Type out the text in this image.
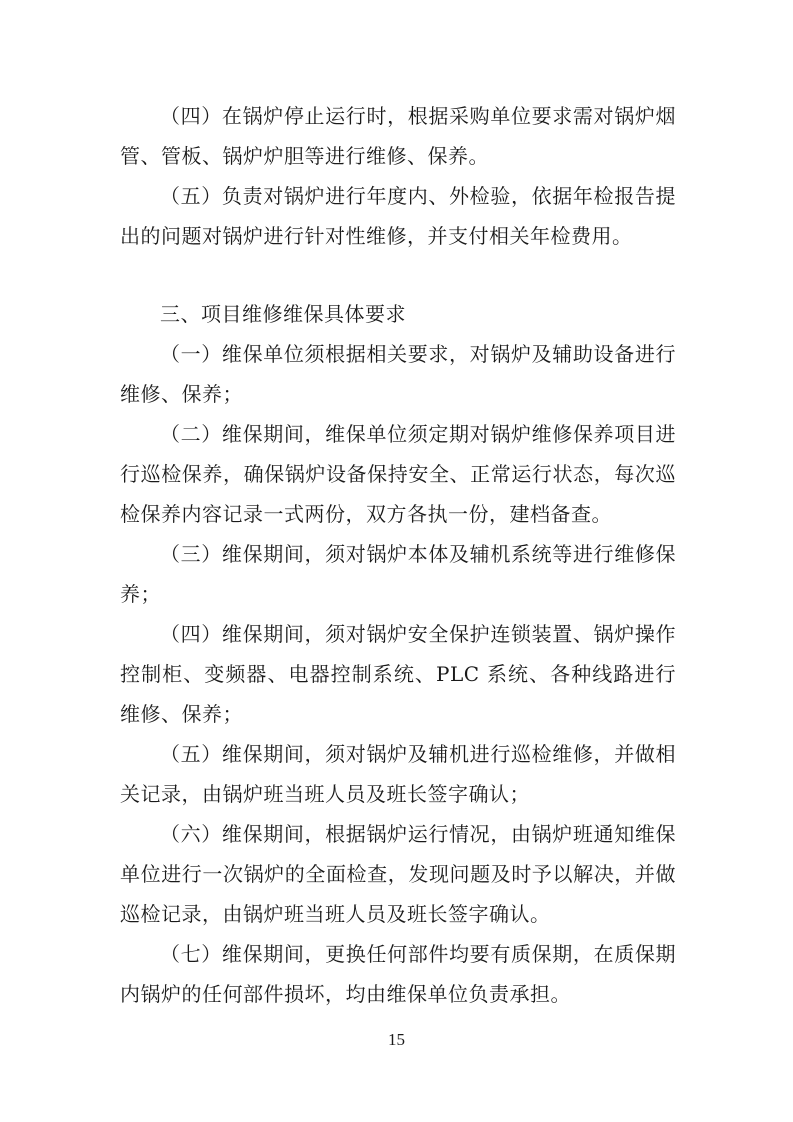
（四）在锅炉停止运行时，根据采购单位要求需对锅炉烟管、管板、锅炉炉胆等进行维修、保养。

（五）负责对锅炉进行年度内、外检验，依据年检报告提出的问题对锅炉进行针对性维修，并支付相关年检费用。

三、项目维修维保具体要求

（一）维保单位须根据相关要求，对锅炉及辅助设备进行维修、保养；

（二）维保期间，维保单位须定期对锅炉维修保养项目进行巡检保养，确保锅炉设备保持安全、正常运行状态，每次巡检保养内容记录一式两份，双方各执一份，建档备查。

（三）维保期间，须对锅炉本体及辅机系统等进行维修保养；

（四）维保期间，须对锅炉安全保护连锁装置、锅炉操作控制柜、变频器、电器控制系统、PLC 系统、各种线路进行维修、保养；

（五）维保期间，须对锅炉及辅机进行巡检维修，并做相关记录，由锅炉班当班人员及班长签字确认；

（六）维保期间，根据锅炉运行情况，由锅炉班通知维保单位进行一次锅炉的全面检查，发现问题及时予以解决，并做巡检记录，由锅炉班当班人员及班长签字确认。

（七）维保期间，更换任何部件均要有质保期，在质保期内锅炉的任何部件损坏，均由维保单位负责承担。

15
